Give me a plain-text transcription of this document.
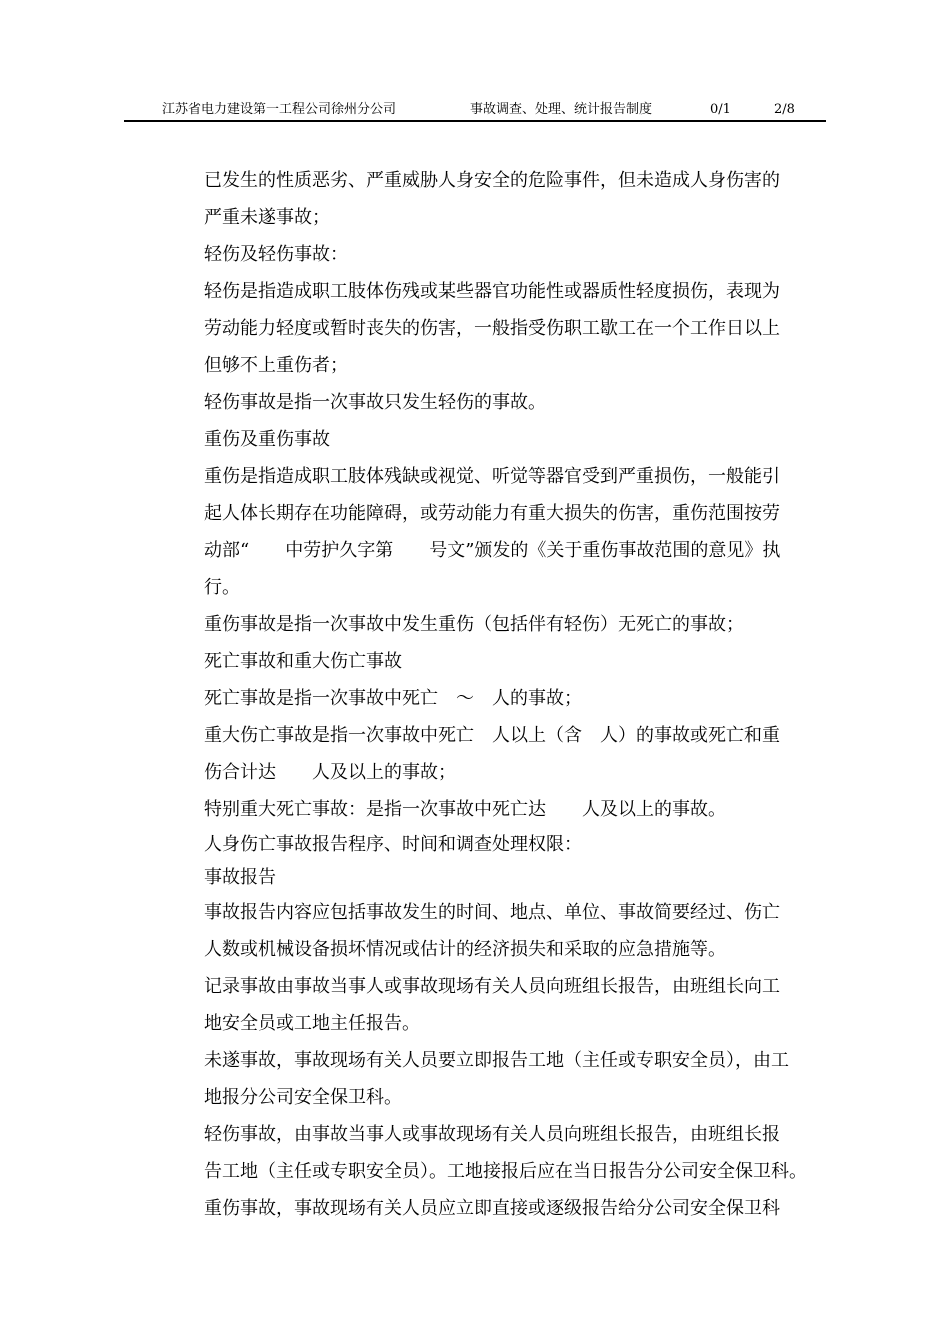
江苏省电力建设第一工程公司徐州分公司	事故调查、处理、统计报告制度	0/1	2/8

已发生的性质恶劣、严重威胁人身安全的危险事件，但未造成人身伤害的

严重未遂事故；

轻伤及轻伤事故：

轻伤是指造成职工肢体伤残或某些器官功能性或器质性轻度损伤，表现为

劳动能力轻度或暂时丧失的伤害，一般指受伤职工歇工在一个工作日以上

但够不上重伤者；

轻伤事故是指一次事故只发生轻伤的事故。

重伤及重伤事故

重伤是指造成职工肢体残缺或视觉、听觉等器官受到严重损伤，一般能引

起人体长期存在功能障碍，或劳动能力有重大损失的伤害，重伤范围按劳

动部“　　中劳护久字第　　号文”颁发的《关于重伤事故范围的意见》执

行。

重伤事故是指一次事故中发生重伤（包括伴有轻伤）无死亡的事故；

死亡事故和重大伤亡事故

死亡事故是指一次事故中死亡　～　人的事故；

重大伤亡事故是指一次事故中死亡　人以上（含　人）的事故或死亡和重

伤合计达　　人及以上的事故；

特别重大死亡事故：是指一次事故中死亡达　　人及以上的事故。

人身伤亡事故报告程序、时间和调查处理权限：

事故报告

事故报告内容应包括事故发生的时间、地点、单位、事故简要经过、伤亡

人数或机械设备损坏情况或估计的经济损失和采取的应急措施等。

记录事故由事故当事人或事故现场有关人员向班组长报告，由班组长向工

地安全员或工地主任报告。

未遂事故，事故现场有关人员要立即报告工地（主任或专职安全员），由工

地报分公司安全保卫科。

轻伤事故，由事故当事人或事故现场有关人员向班组长报告，由班组长报

告工地（主任或专职安全员）。工地接报后应在当日报告分公司安全保卫科。

重伤事故，事故现场有关人员应立即直接或逐级报告给分公司安全保卫科
